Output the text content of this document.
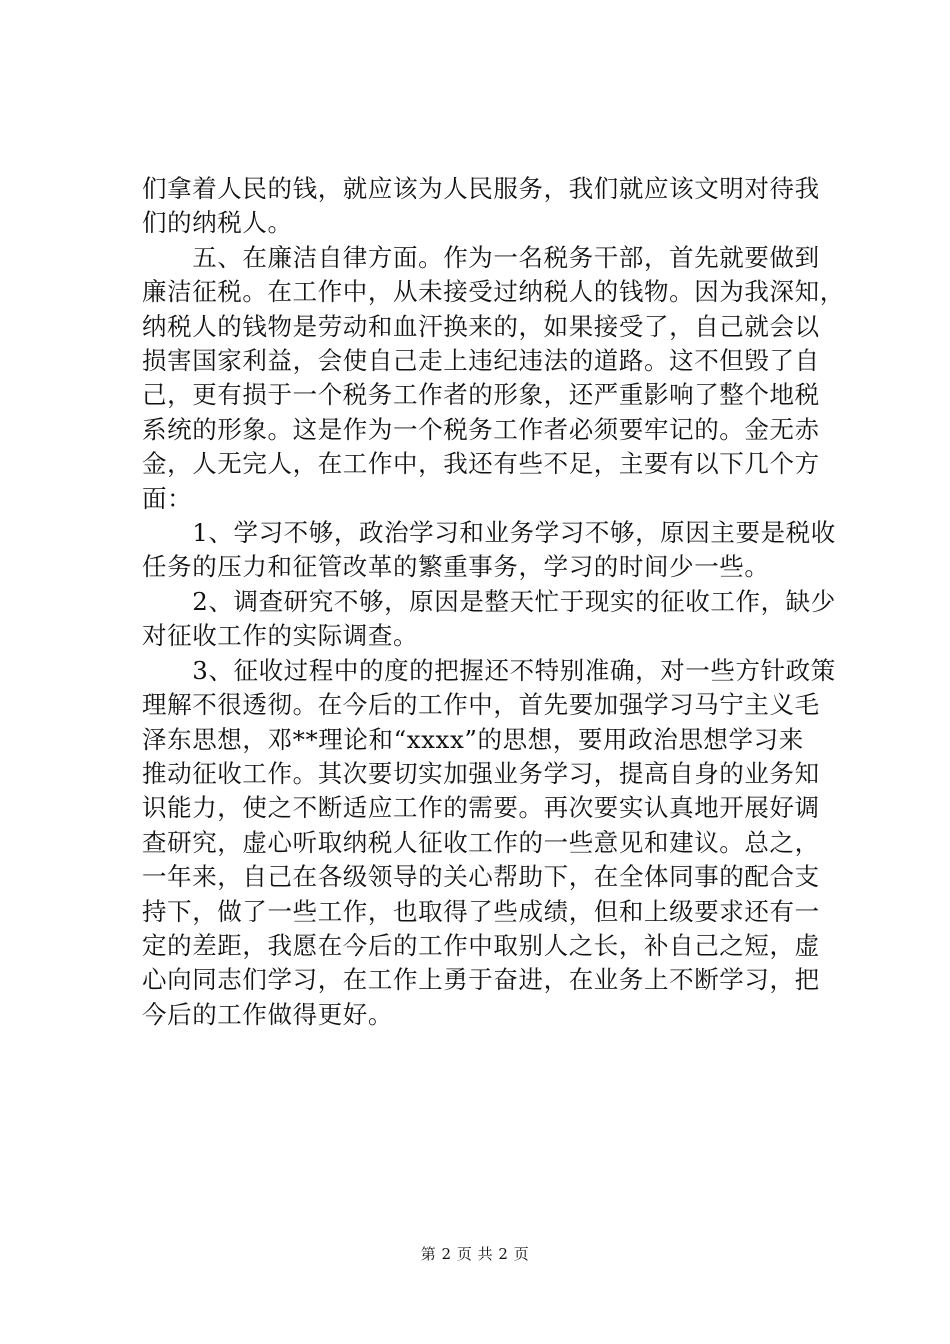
们拿着人民的钱，就应该为人民服务，我们就应该文明对待我
们的纳税人。
　　五、在廉洁自律方面。作为一名税务干部，首先就要做到
廉洁征税。在工作中，从未接受过纳税人的钱物。因为我深知，
纳税人的钱物是劳动和血汗换来的，如果接受了，自己就会以
损害国家利益，会使自己走上违纪违法的道路。这不但毁了自
己，更有损于一个税务工作者的形象，还严重影响了整个地税
系统的形象。这是作为一个税务工作者必须要牢记的。金无赤
金，人无完人，在工作中，我还有些不足，主要有以下几个方
面：
　　1、学习不够，政治学习和业务学习不够，原因主要是税收
任务的压力和征管改革的繁重事务，学习的时间少一些。
　　2、调查研究不够，原因是整天忙于现实的征收工作，缺少
对征收工作的实际调查。
　　3、征收过程中的度的把握还不特别准确，对一些方针政策
理解不很透彻。在今后的工作中，首先要加强学习马宁主义毛
泽东思想，邓**理论和“xxxx”的思想，要用政治思想学习来
推动征收工作。其次要切实加强业务学习，提高自身的业务知
识能力，使之不断适应工作的需要。再次要实认真地开展好调
查研究，虚心听取纳税人征收工作的一些意见和建议。总之，
一年来，自己在各级领导的关心帮助下，在全体同事的配合支
持下，做了一些工作，也取得了些成绩，但和上级要求还有一
定的差距，我愿在今后的工作中取别人之长，补自己之短，虚
心向同志们学习，在工作上勇于奋进，在业务上不断学习，把
今后的工作做得更好。
第 2 页 共 2 页
